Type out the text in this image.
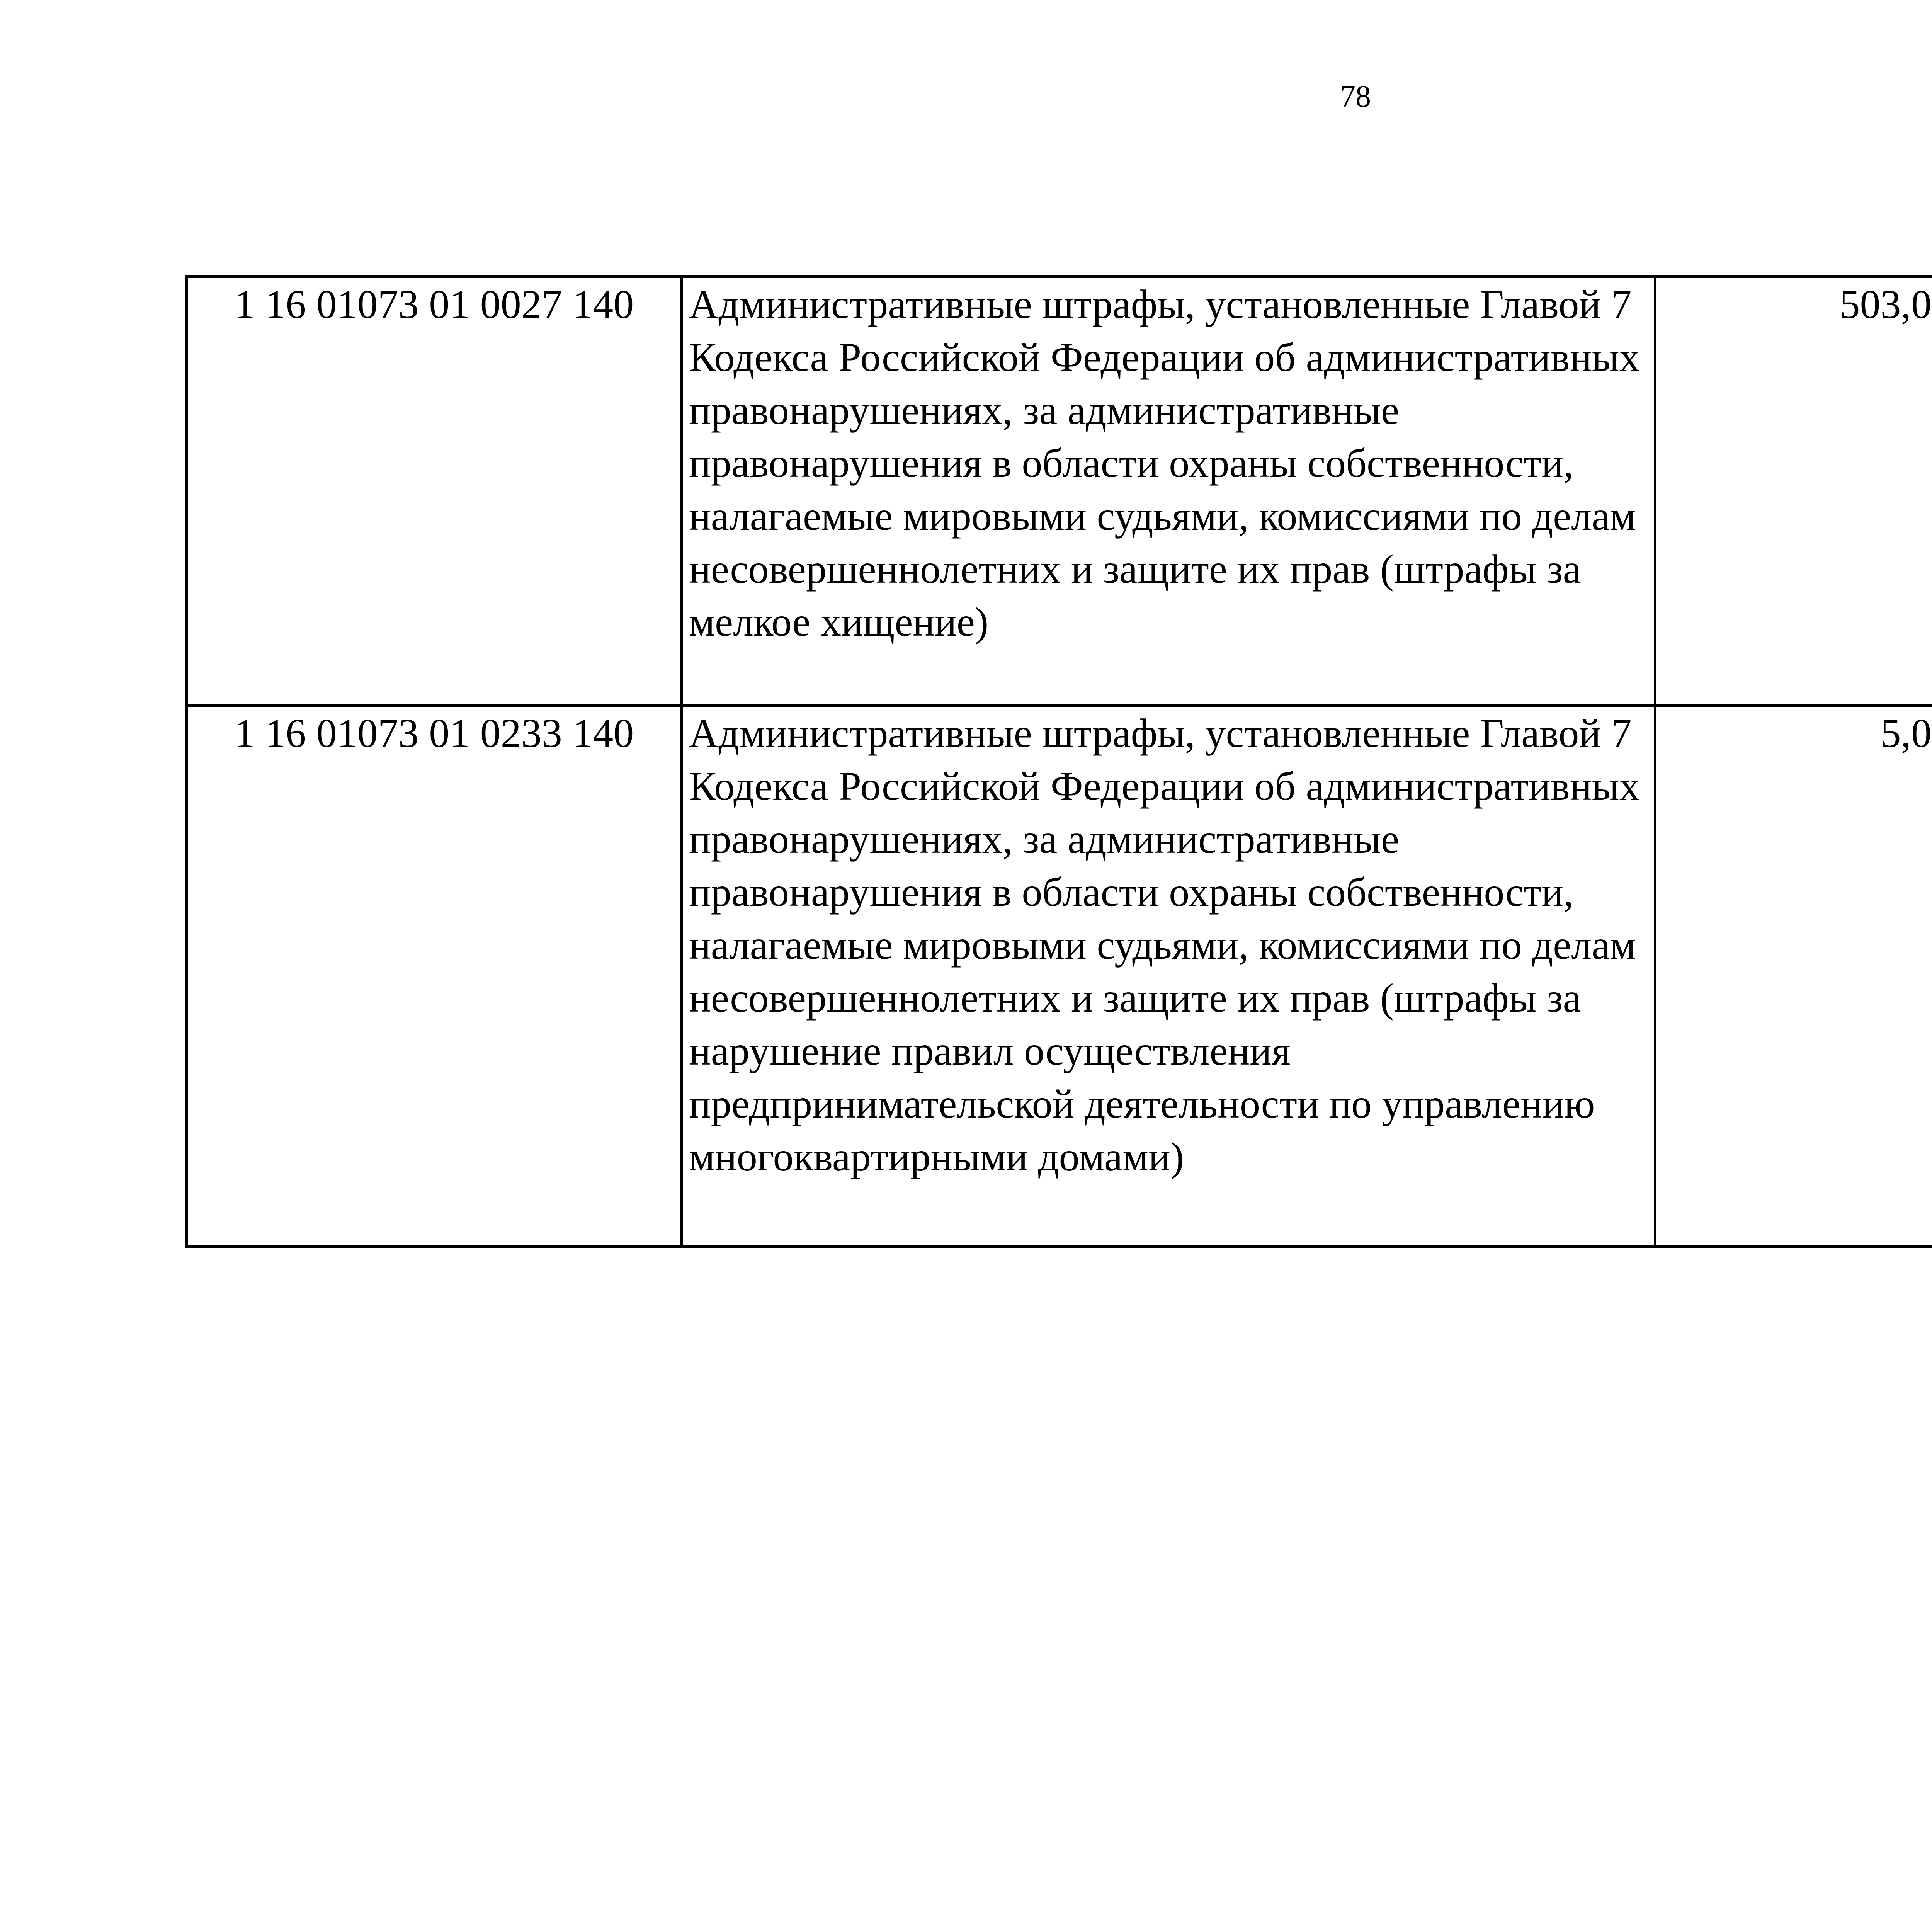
78
1 16 01073 01 0027 140	Административные штрафы, установленные Главой 7 Кодекса Российской Федерации об административных правонарушениях, за административные правонарушения в области охраны собственности, налагаемые мировыми судьями, комиссиями по делам несовершеннолетних и защите их прав (штрафы за мелкое хищение)	503,0		
1 16 01073 01 0233 140	Административные штрафы, установленные Главой 7 Кодекса Российской Федерации об административных правонарушениях, за административные правонарушения в области охраны собственности, налагаемые мировыми судьями, комиссиями по делам несовершеннолетних и защите их прав (штрафы за нарушение правил осуществления предпринимательской деятельности по управлению многоквартирными домами)	5,0		
